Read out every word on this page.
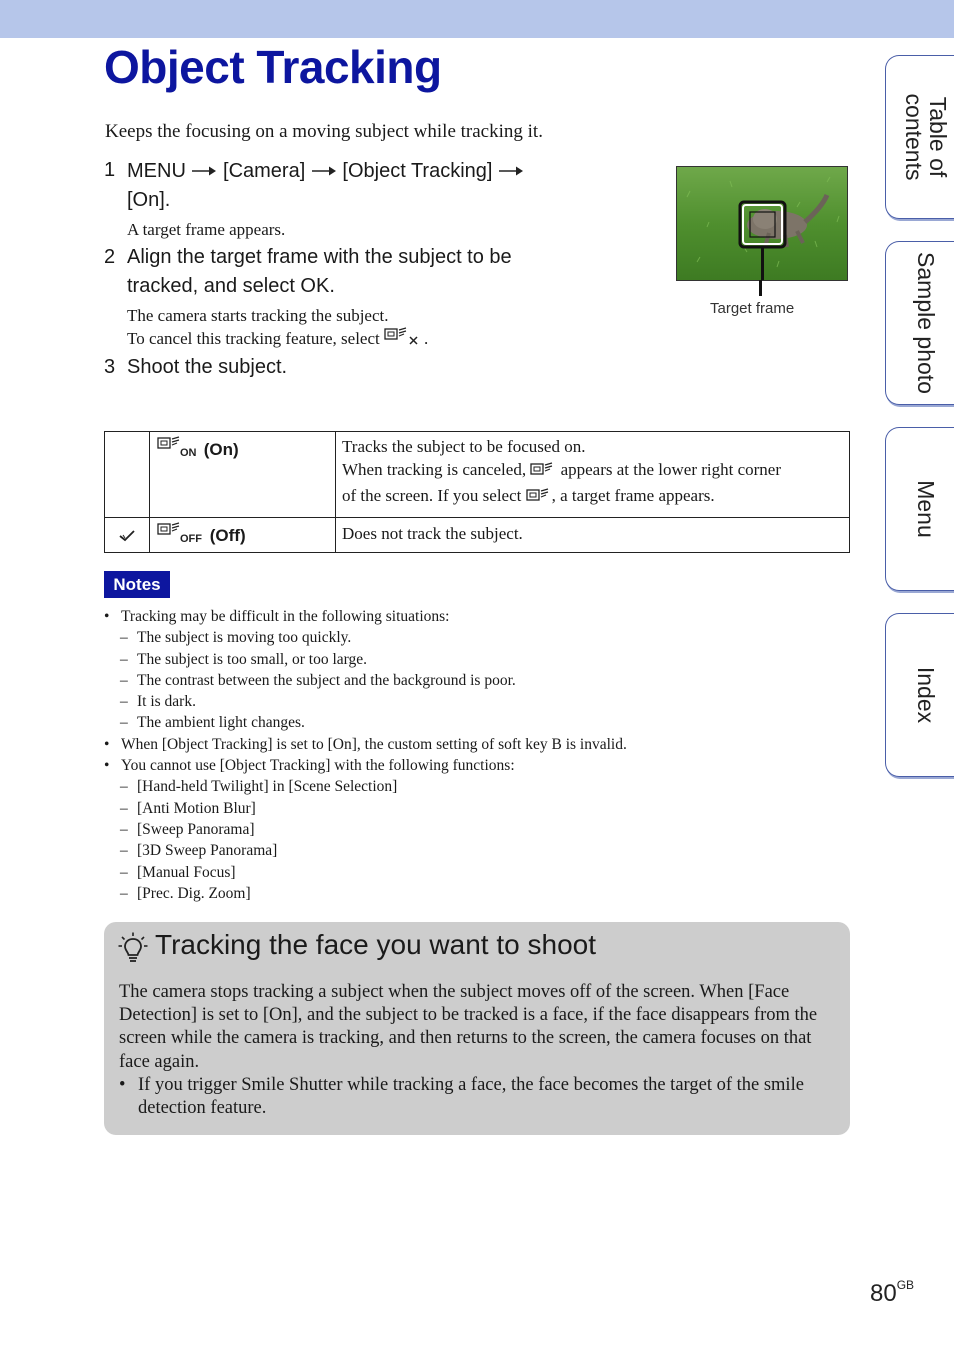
Object Tracking

Keeps the focusing on a moving subject while tracking it.

1 MENU [Camera] [Object Tracking]
[On].
A target frame appears.
2 Align the target frame with the subject to be
tracked, and select OK.
The camera starts tracking the subject.
To cancel this tracking feature, select	.
3 Shoot the subject.
Target frame

ON (On)	Tracks the subject to be focused on.
When tracking is canceled, appears at the lower right corner
of the screen. If you select , a target frame appears.

OFF (Off)	Does not track the subject.
Notes
• Tracking may be difficult in the following situations:
– The subject is moving too quickly.
– The subject is too small, or too large.
– The contrast between the subject and the background is poor.
– It is dark.
– The ambient light changes.
• When [Object Tracking] is set to [On], the custom setting of soft key B is invalid.
• You cannot use [Object Tracking] with the following functions:
– [Hand-held Twilight] in [Scene Selection]
– [Anti Motion Blur]
– [Sweep Panorama]
– [3D Sweep Panorama]
– [Manual Focus]
– [Prec. Dig. Zoom]
Tracking the face you want to shoot
The camera stops tracking a subject when the subject moves off of the screen. When [Face Detection] is set to [On], and the subject to be tracked is a face, if the face disappears from the screen while the camera is tracking, and then returns to the screen, the camera focuses on that face again.
• If you trigger Smile Shutter while tracking a face, the face becomes the target of the smile detection feature.
Table of
contents
Sample photo
Menu
Index
$80^{GB}$
